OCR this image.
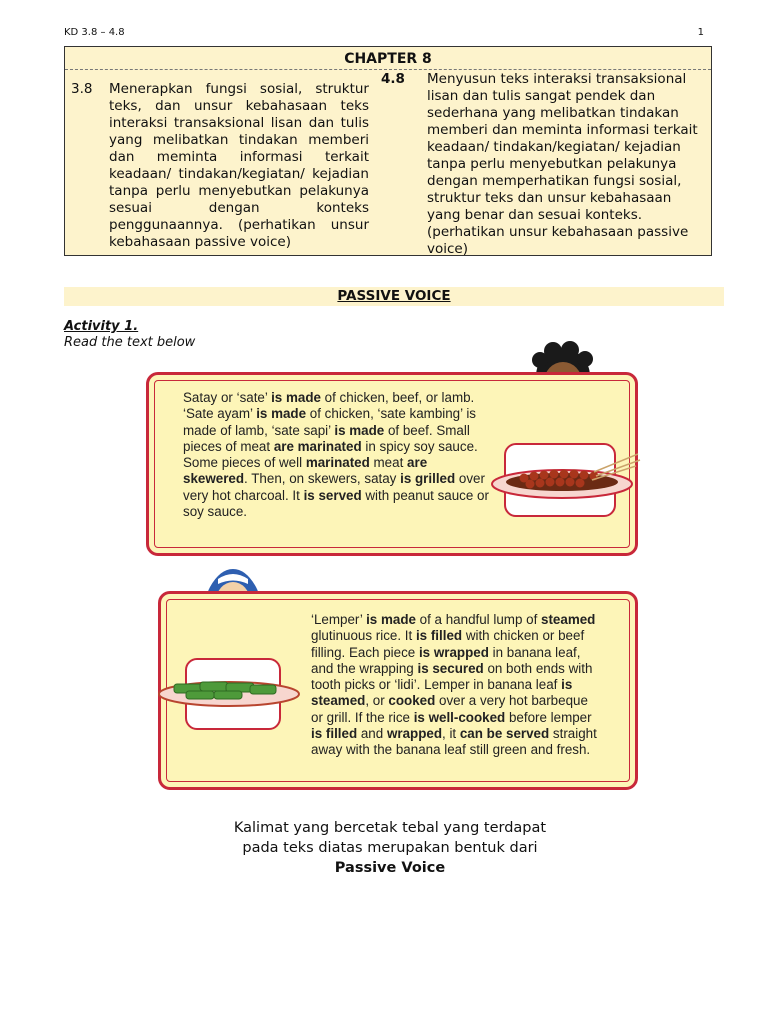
KD 3.8 – 4.8	1
CHAPTER 8
3.8 Menerapkan fungsi sosial, struktur teks, dan unsur kebahasaan teks interaksi transaksional lisan dan tulis yang melibatkan tindakan memberi dan meminta informasi terkait keadaan/ tindakan/kegiatan/ kejadian tanpa perlu menyebutkan pelakunya sesuai dengan konteks penggunaannya. (perhatikan unsur kebahasaan passive voice)
4.8 Menyusun teks interaksi transaksional lisan dan tulis sangat pendek dan sederhana yang melibatkan tindakan memberi dan meminta informasi terkait keadaan/ tindakan/kegiatan/ kejadian tanpa perlu menyebutkan pelakunya dengan memperhatikan fungsi sosial, struktur teks dan unsur kebahasaan yang benar dan sesuai konteks. (perhatikan unsur kebahasaan passive voice)
PASSIVE VOICE
Activity 1.
Read the text below
Satay or ‘sate’ is made of chicken, beef, or lamb. ‘Sate ayam’ is made of chicken, ‘sate kambing’ is made of lamb, ‘sate sapi’ is made of beef. Small pieces of meat are marinated in spicy soy sauce. Some pieces of well marinated meat are skewered. Then, on skewers, satay is grilled over very hot charcoal. It is served with peanut sauce or soy sauce.
‘Lemper’ is made of a handful lump of steamed glutinuous rice. It is filled with chicken or beef filling. Each piece is wrapped in banana leaf, and the wrapping is secured on both ends with tooth picks or ‘lidi’. Lemper in banana leaf is steamed, or cooked over a very hot barbeque or grill. If the rice is well-cooked before lemper is filled and wrapped, it can be served straight away with the banana leaf still green and fresh.
Kalimat yang bercetak tebal yang terdapat
pada teks diatas merupakan bentuk dari
Passive Voice
